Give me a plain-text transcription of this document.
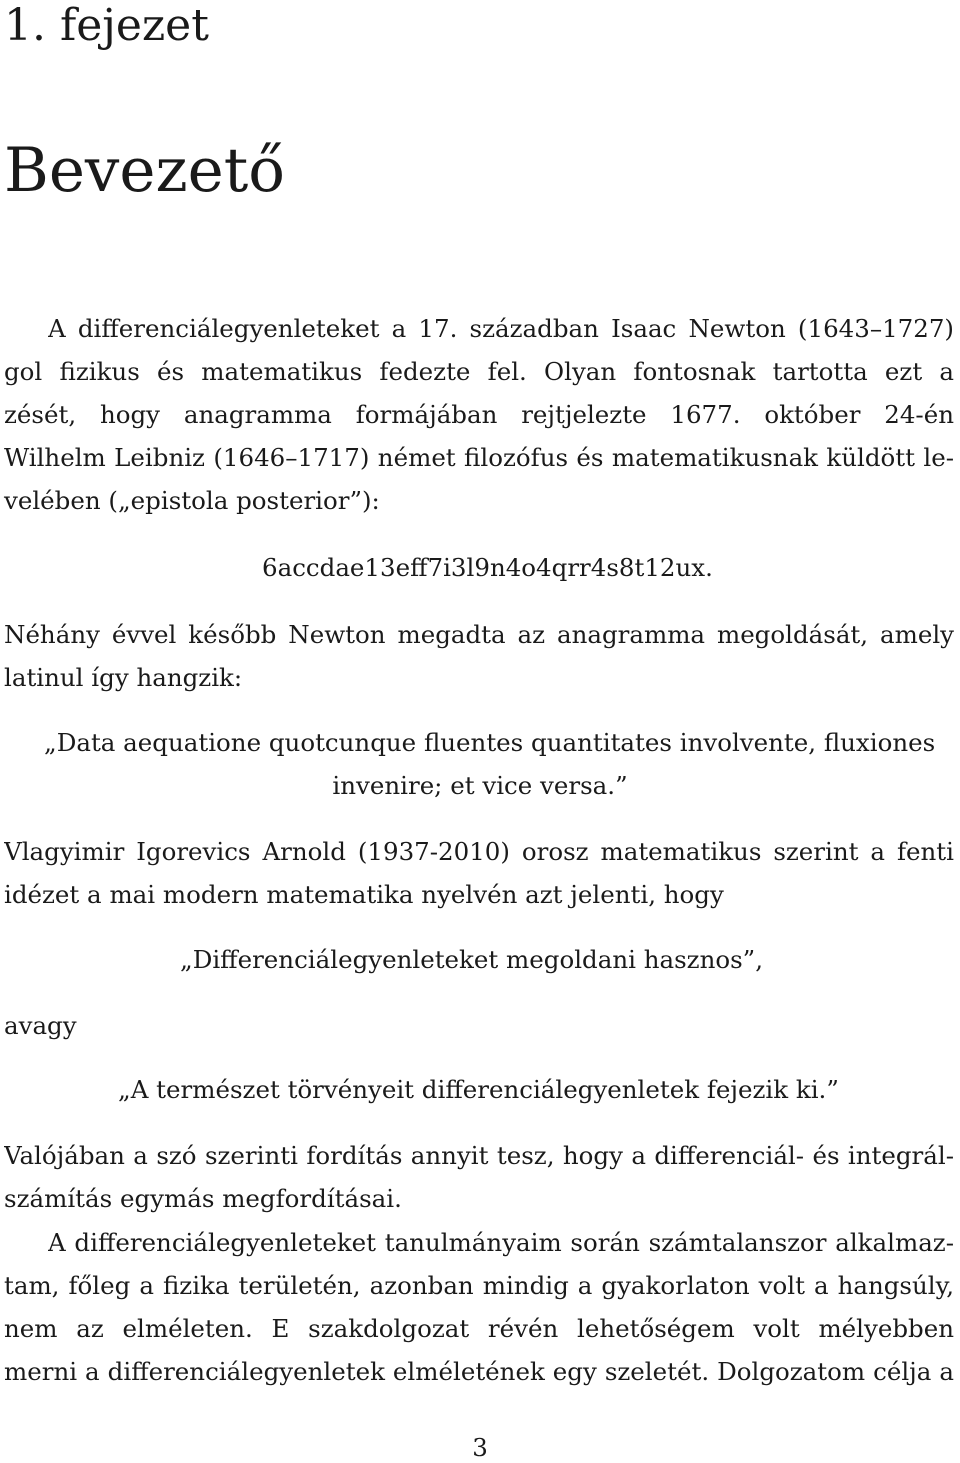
1. fejezet
Bevezető
A differenciálegyenleteket a 17. században Isaac Newton (1643–1727)
gol fizikus és matematikus fedezte fel. Olyan fontosnak tartotta ezt a
zését, hogy anagramma formájában rejtjelezte 1677. október 24-én
Wilhelm Leibniz (1646–1717) német filozófus és matematikusnak küldött le-
velében („epistola posterior”):
6accdae13eff7i3l9n4o4qrr4s8t12ux.
Néhány évvel később Newton megadta az anagramma megoldását, amely
latinul így hangzik:
„Data aequatione quotcunque fluentes quantitates involvente, fluxiones
invenire; et vice versa.”
Vlagyimir Igorevics Arnold (1937-2010) orosz matematikus szerint a fenti
idézet a mai modern matematika nyelvén azt jelenti, hogy
„Differenciálegyenleteket megoldani hasznos”,
avagy
„A természet törvényeit differenciálegyenletek fejezik ki.”
Valójában a szó szerinti fordítás annyit tesz, hogy a differenciál- és integrál-
számítás egymás megfordításai.
A differenciálegyenleteket tanulmányaim során számtalanszor alkalmaz-
tam, főleg a fizika területén, azonban mindig a gyakorlaton volt a hangsúly,
nem az elméleten. E szakdolgozat révén lehetőségem volt mélyebben
merni a differenciálegyenletek elméletének egy szeletét. Dolgozatom célja a
3
